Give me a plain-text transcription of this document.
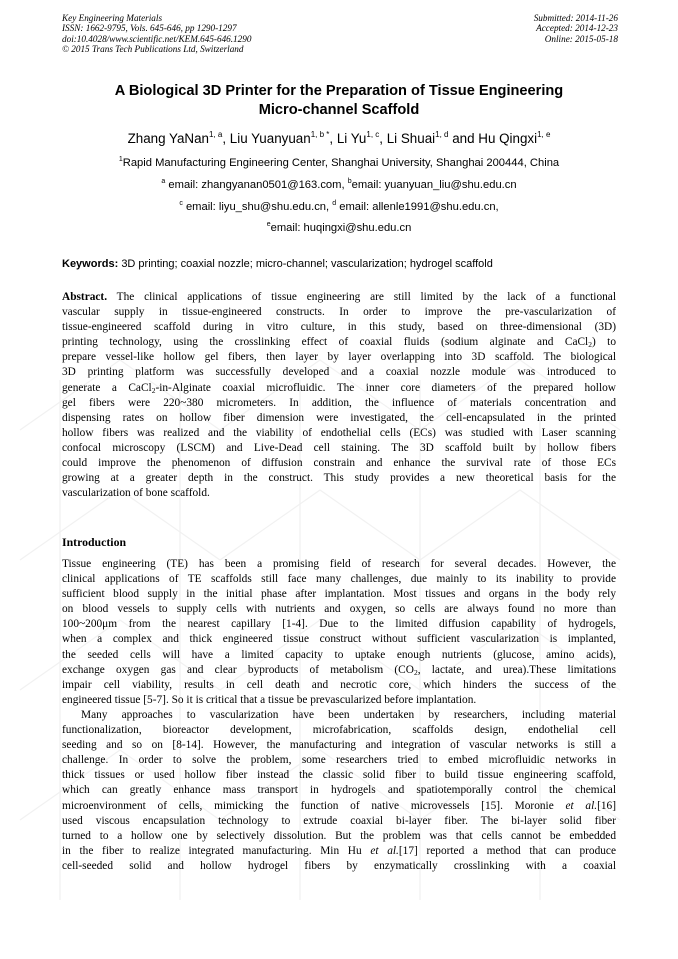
Key Engineering Materials
ISSN: 1662-9795, Vols. 645-646, pp 1290-1297
doi:10.4028/www.scientific.net/KEM.645-646.1290
© 2015 Trans Tech Publications Ltd, Switzerland
Submitted: 2014-11-26
Accepted: 2014-12-23
Online: 2015-05-18
A Biological 3D Printer for the Preparation of Tissue Engineering
Micro-channel Scaffold
Zhang YaNan$^{1, a}$, Liu Yuanyuan$^{1, b *}$, Li Yu$^{1, c}$, Li Shuai$^{1, d}$ and Hu Qingxi$^{1, e}$
$^1$Rapid Manufacturing Engineering Center, Shanghai University, Shanghai 200444, China
$^a$ email: zhangyanan0501@163.com, $^b$email: yuanyuan_liu@shu.edu.cn
$^c$ email: liyu_shu@shu.edu.cn, $^d$ email: allenle1991@shu.edu.cn,
$^e$email: huqingxi@shu.edu.cn
Keywords: 3D printing; coaxial nozzle; micro-channel; vascularization; hydrogel scaffold
Abstract. The clinical applications of tissue engineering are still limited by the lack of a functional
vascular supply in tissue-engineered constructs. In order to improve the pre-vascularization of
tissue-engineered scaffold during in vitro culture, in this study, based on three-dimensional (3D)
printing technology, using the crosslinking effect of coaxial fluids (sodium alginate and CaCl$_2$) to
prepare vessel-like hollow gel fibers, then layer by layer overlapping into 3D scaffold. The biological
3D printing platform was successfully developed and a coaxial nozzle module was introduced to
generate a CaCl$_2$-in-Alginate coaxial microfluidic. The inner core diameters of the prepared hollow
gel fibers were 220~380 micrometers. In addition, the influence of materials concentration and
dispensing rates on hollow fiber dimension were investigated, the cell-encapsulated in the printed
hollow fibers was realized and the viability of endothelial cells (ECs) was studied with Laser scanning
confocal microscopy (LSCM) and Live-Dead cell staining. The 3D scaffold built by hollow fibers
could improve the phenomenon of diffusion constrain and enhance the survival rate of those ECs
growing at a greater depth in the construct. This study provides a new theoretical basis for the
vascularization of bone scaffold.
Introduction
Tissue engineering (TE) has been a promising field of research for several decades. However, the
clinical applications of TE scaffolds still face many challenges, due mainly to its inability to provide
sufficient blood supply in the initial phase after implantation. Most tissues and organs in the body rely
on blood vessels to supply cells with nutrients and oxygen, so cells are always found no more than
100~200μm from the nearest capillary [1-4]. Due to the limited diffusion capability of hydrogels,
when a complex and thick engineered tissue construct without sufficient vascularization is implanted,
the seeded cells will have a limited capacity to uptake enough nutrients (glucose, amino acids),
exchange oxygen gas and clear byproducts of metabolism ($CO_2$, lactate, and urea).These limitations
impair cell viability, results in cell death and necrotic core, which hinders the success of the
engineered tissue [5-7]. So it is critical that a tissue be prevascularized before implantation.
Many approaches to vascularization have been undertaken by researchers, including material
functionalization, bioreactor development, microfabrication, scaffolds design, endothelial cell
seeding and so on [8-14]. However, the manufacturing and integration of vascular networks is still a
challenge. In order to solve the problem, some researchers tried to embed microfluidic networks in
thick tissues or used hollow fiber instead the classic solid fiber to build tissue engineering scaffold,
which can greatly enhance mass transport in hydrogels and spatiotemporally control the chemical
microenvironment of cells, mimicking the function of native microvessels [15]. Moronie et al.[16]
used viscous encapsulation technology to extrude coaxial bi-layer fiber. The bi-layer solid fiber
turned to a hollow one by selectively dissolution. But the problem was that cells cannot be embedded
in the fiber to realize integrated manufacturing. Min Hu et al.[17] reported a method that can produce
cell-seeded solid and hollow hydrogel fibers by enzymatically crosslinking with a coaxial
